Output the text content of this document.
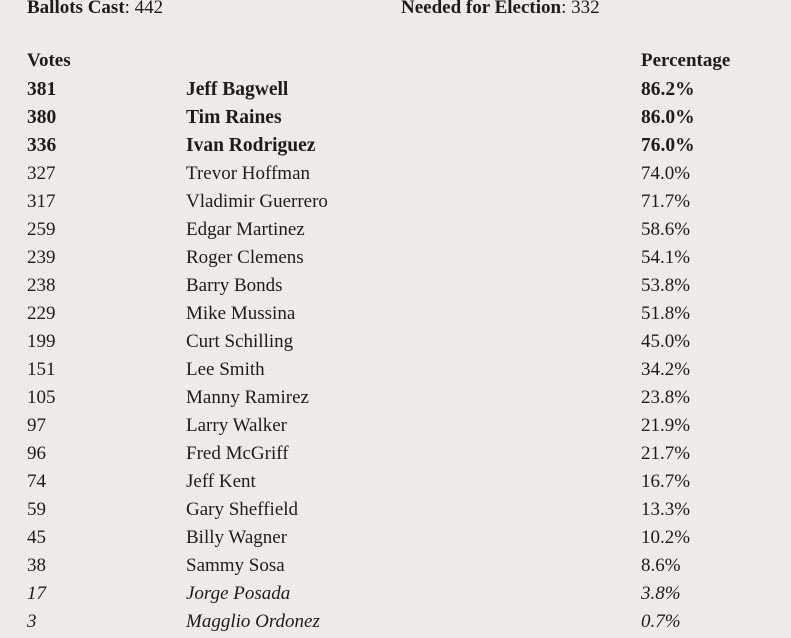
Ballots Cast: 442	Needed for Election: 332
Votes	Percentage
381	Jeff Bagwell	86.2%
380	Tim Raines	86.0%
336	Ivan Rodriguez	76.0%
327	Trevor Hoffman	74.0%
317	Vladimir Guerrero	71.7%
259	Edgar Martinez	58.6%
239	Roger Clemens	54.1%
238	Barry Bonds	53.8%
229	Mike Mussina	51.8%
199	Curt Schilling	45.0%
151	Lee Smith	34.2%
105	Manny Ramirez	23.8%
97	Larry Walker	21.9%
96	Fred McGriff	21.7%
74	Jeff Kent	16.7%
59	Gary Sheffield	13.3%
45	Billy Wagner	10.2%
38	Sammy Sosa	8.6%
17	Jorge Posada	3.8%
3	Magglio Ordonez	0.7%
